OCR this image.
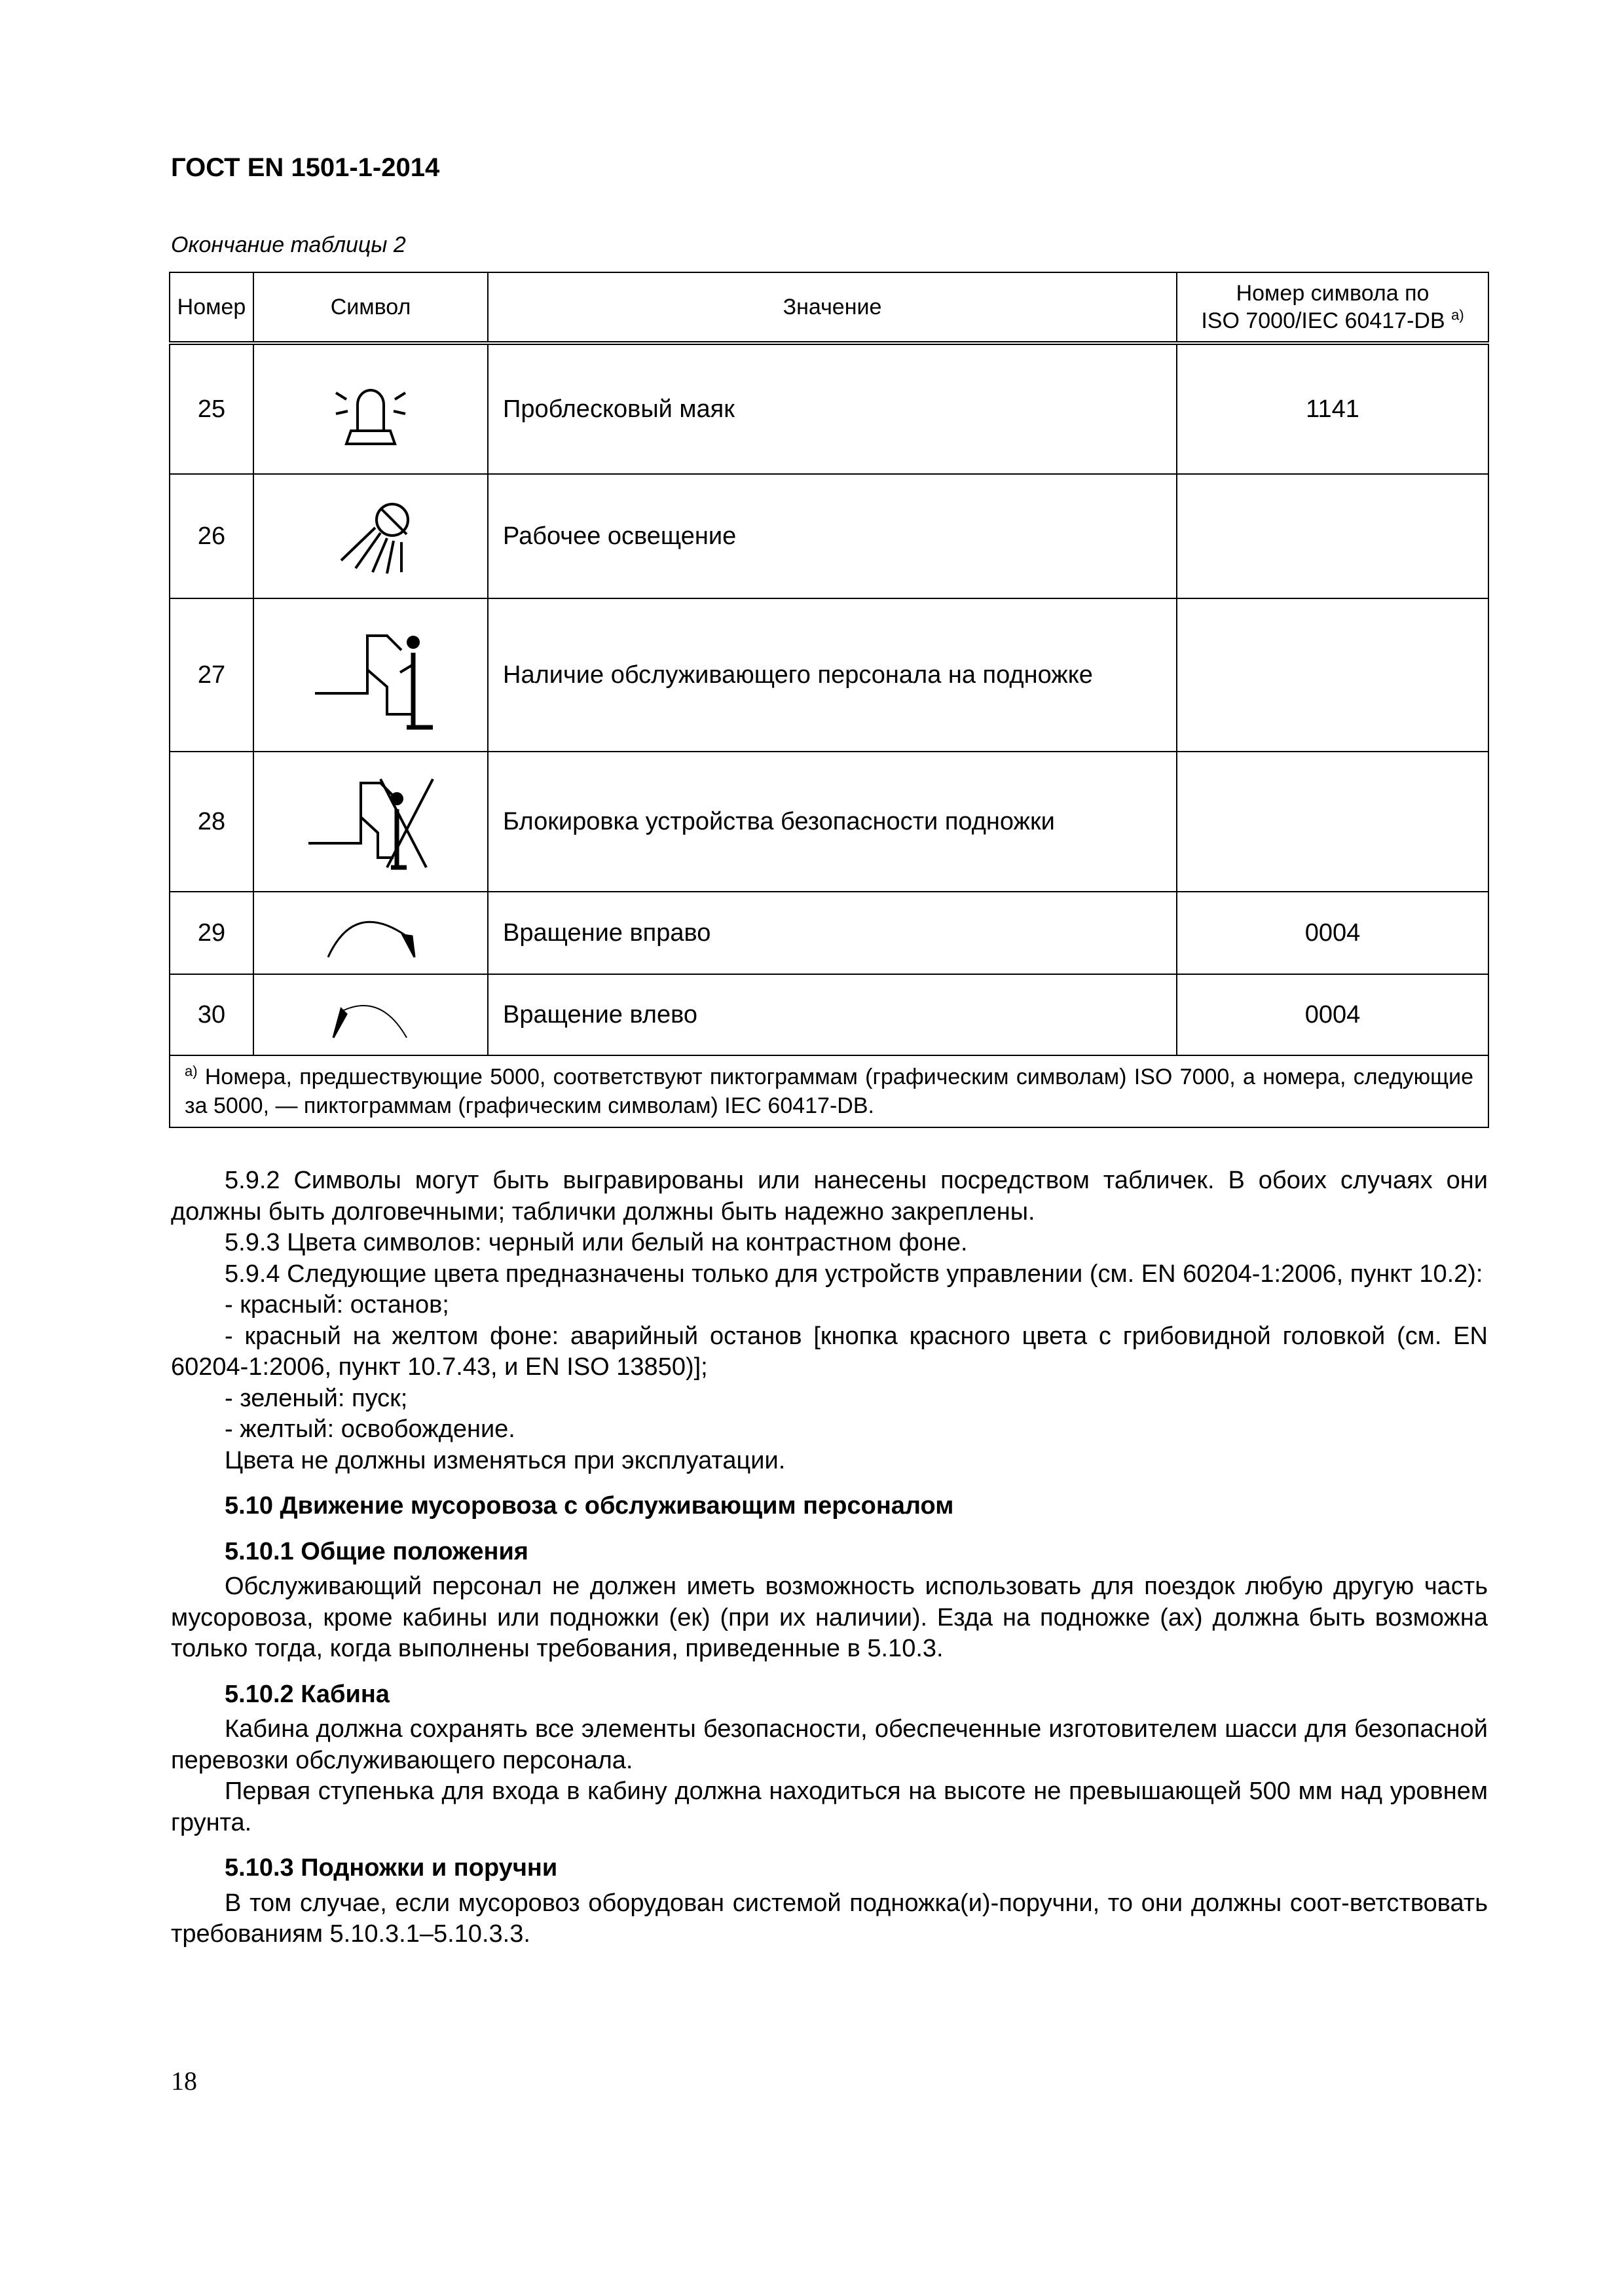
ГОСТ EN 1501-1-2014
Окончание таблицы 2
Номер	Символ	Значение	Номер символа по
ISO 7000/IEC 60417-DB $^{a)}$
25		Проблесковый маяк	1141
26		Рабочее освещение	
27		Наличие обслуживающего персонала на подножке	
28		Блокировка устройства безопасности подножки	
29		Вращение вправо	0004
30		Вращение влево	0004
$^{a)}$ Номера, предшествующие 5000, соответствуют пиктограммам (графическим символам) ISO 7000, а номера, следующие за 5000, — пиктограммам (графическим символам) IEC 60417-DB.			

5.9.2 Символы могут быть выгравированы или нанесены посредством табличек. В обоих случаях они должны быть долговечными; таблички должны быть надежно закреплены.

5.9.3 Цвета символов: черный или белый на контрастном фоне.

5.9.4 Следующие цвета предназначены только для устройств управлении (см. EN 60204-1:2006, пункт 10.2):

- красный: останов;

- красный на желтом фоне: аварийный останов [кнопка красного цвета с грибовидной головкой (см. EN 60204-1:2006, пункт 10.7.43, и EN ISO 13850)];

- зеленый: пуск;

- желтый: освобождение.

Цвета не должны изменяться при эксплуатации.

5.10 Движение мусоровоза с обслуживающим персоналом

5.10.1 Общие положения

Обслуживающий персонал не должен иметь возможность использовать для поездок любую другую часть мусоровоза, кроме кабины или подножки (ек) (при их наличии). Езда на подножке (ах) должна быть возможна только тогда, когда выполнены требования, приведенные в 5.10.3.

5.10.2 Кабина

Кабина должна сохранять все элементы безопасности, обеспеченные изготовителем шасси для безопасной перевозки обслуживающего персонала.

Первая ступенька для входа в кабину должна находиться на высоте не превышающей 500 мм над уровнем грунта.

5.10.3 Подножки и поручни

В том случае, если мусоровоз оборудован системой подножка(и)-поручни, то они должны соот-ветствовать требованиям 5.10.3.1–5.10.3.3.

18
